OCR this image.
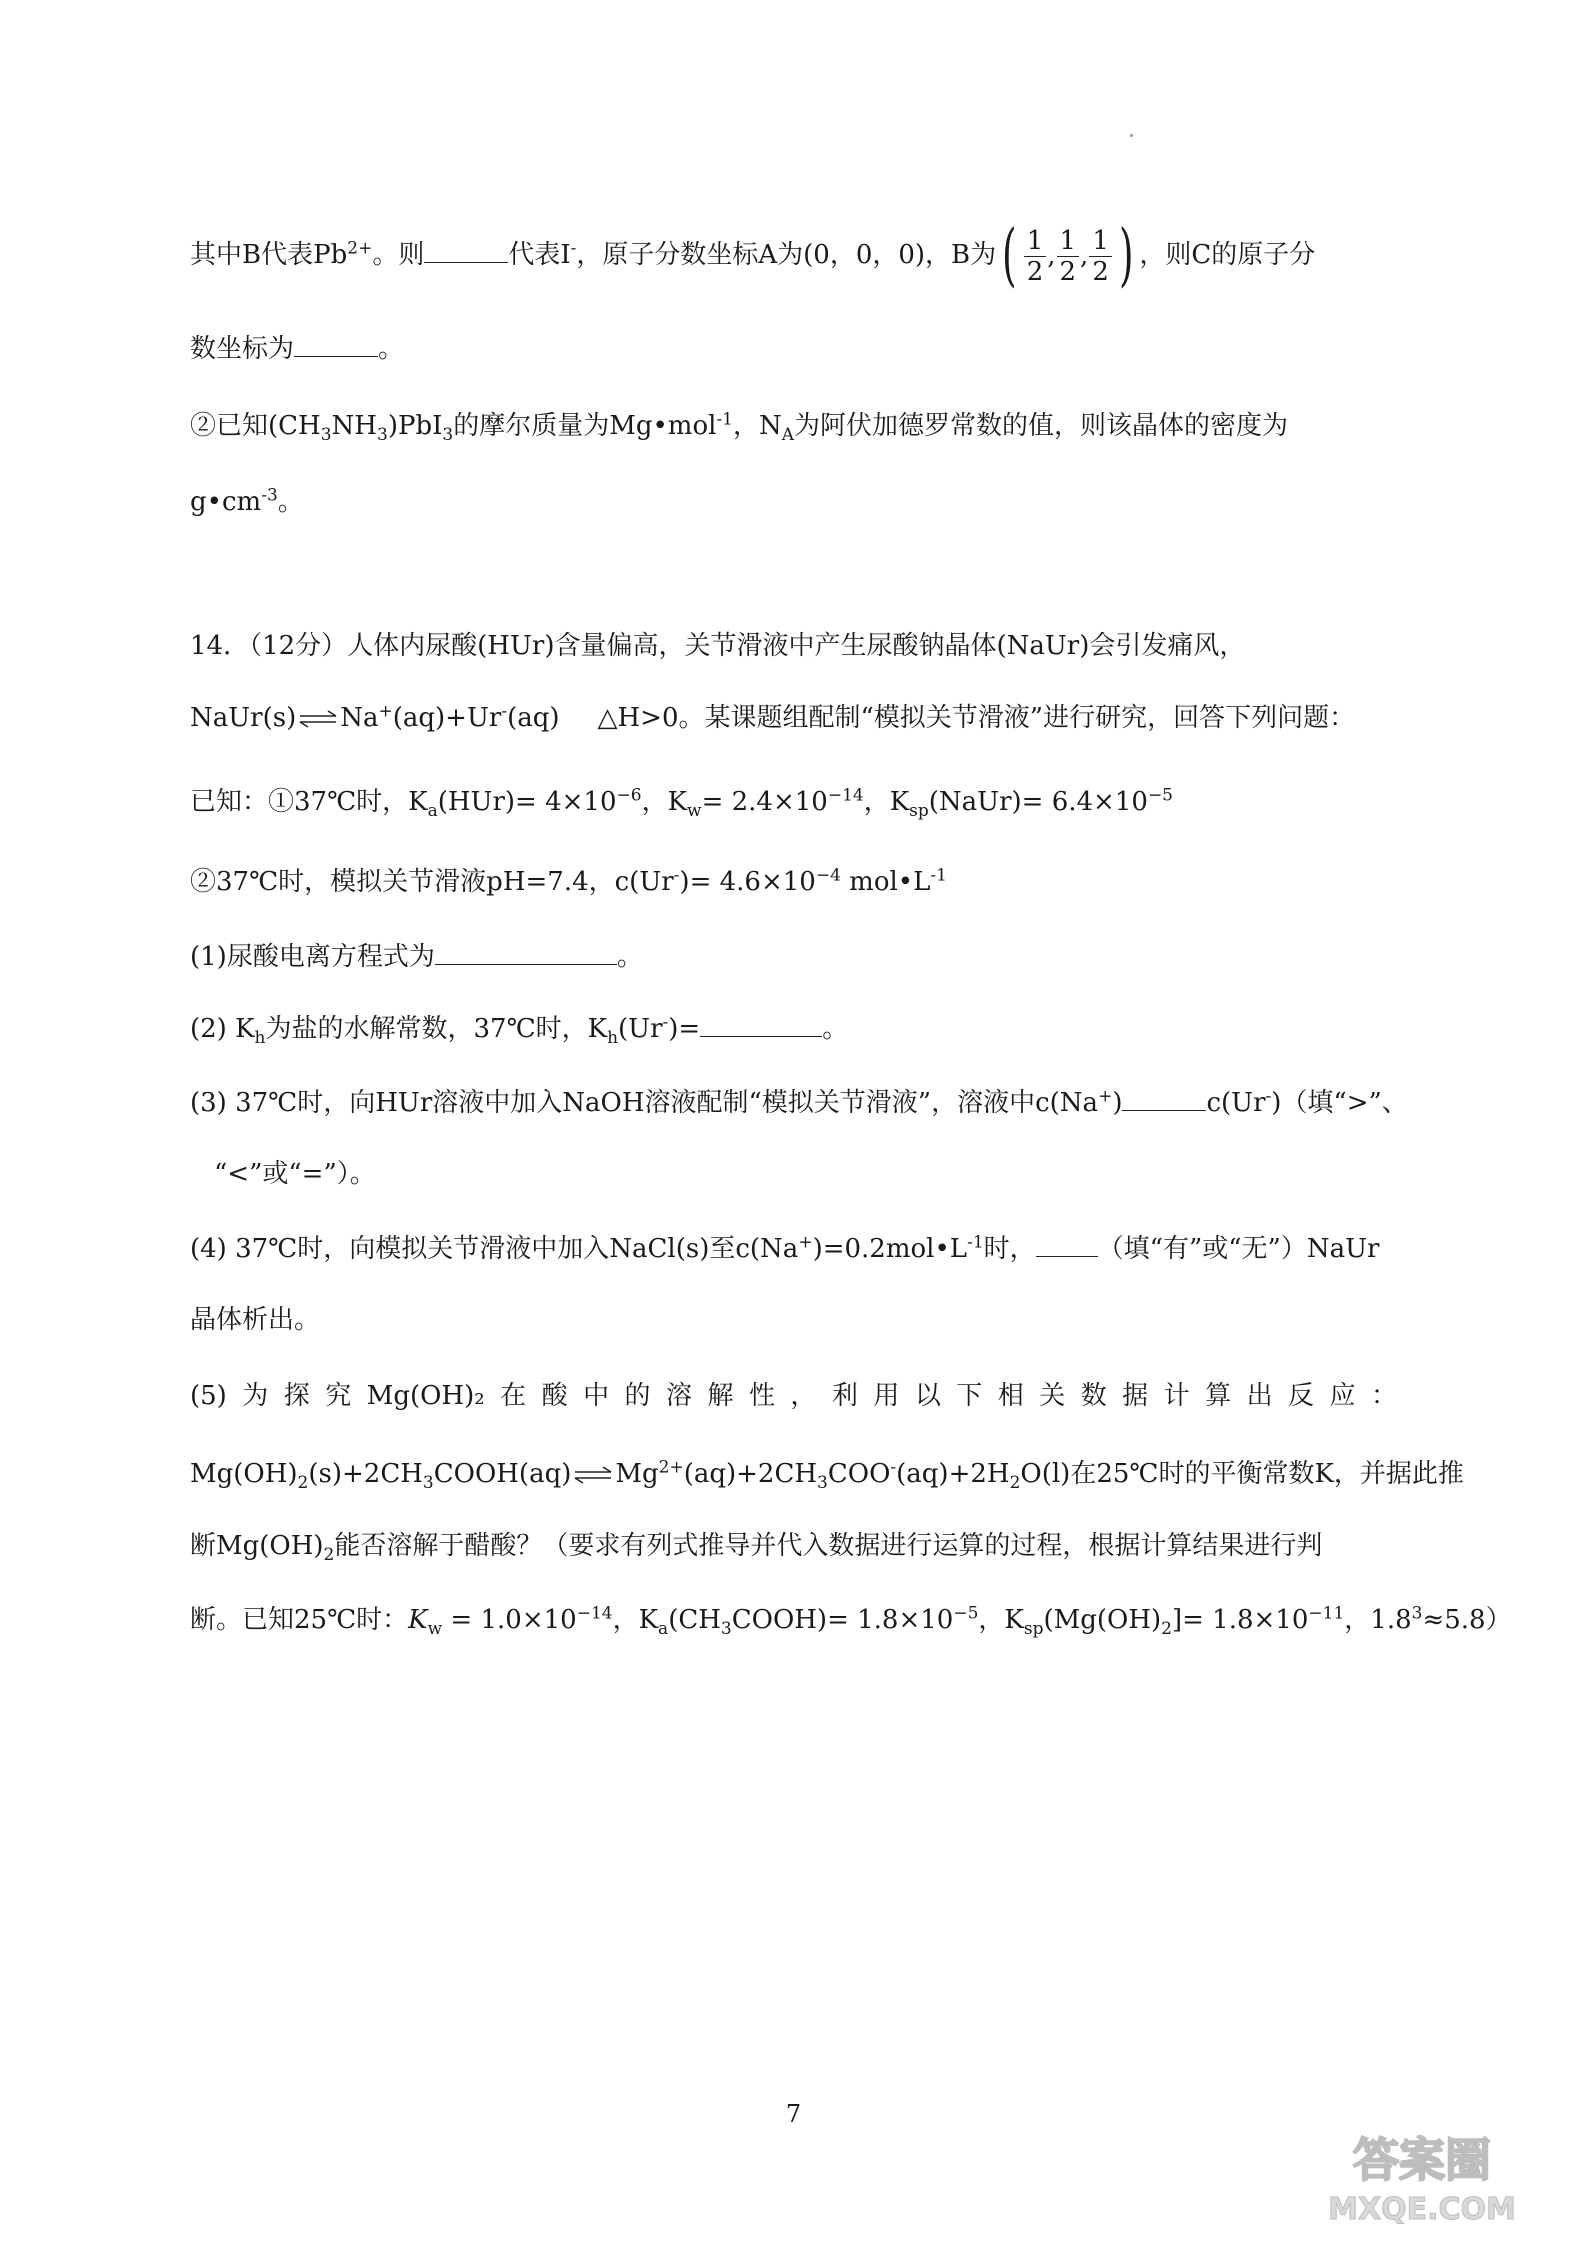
其中B代表$Pb^{2+}$。则	代表I-，原子分数坐标A为(0，0，0)，B为 ( $\frac{1}{2}$ , $\frac{1}{2}$ , $\frac{1}{2}$ ) ，则C的原子分
数坐标为	。
②已知$(CH_3NH_3)PbI_3$的摩尔质量为Mg•mol$^{-1}$，$N_A$为阿伏加德罗常数的值，则该晶体的密度为
$g•cm^{-3}$。
14．（12分）人体内尿酸(HUr)含量偏高，关节滑液中产生尿酸钠晶体(NaUr)会引发痛风，
NaUr(s) ⇌ Na+(aq)+Ur-(aq) △H>0。某课题组配制“模拟关节滑液”进行研究，回答下列问题：
已知：①37℃时，$K_a(HUr)= 4\times 10^{-6}$，$K_w= 2.4\times 10^{-14}$，$K_{sp}(NaUr)= 6.4\times 10^{-5}$
②37℃时，模拟关节滑液pH=7.4，$c(Ur^-)= 4.6\times 10^{-4}$ $mol•L^{-1}$
(1)尿酸电离方程式为	。
(2) $K_h$为盐的水解常数，37℃时，$K_h(Ur^-)=$	。
(3) 37℃时，向HUr溶液中加入NaOH溶液配制“模拟关节滑液”，溶液中c(Na+)	c(Ur-)（填“>”、
“<”或“=”）。
(4) 37℃时，向模拟关节滑液中加入NaCl(s)至$c(Na^+)=0.2mol•L^{-1}$时， （填“有”或“无”）NaUr
晶体析出。
(5) 为 探 究 Mg(OH)₂ 在 酸 中 的 溶 解 性 ， 利 用 以 下 相 关 数 据 计 算 出 反 应 ：
$Mg(OH)_2(s)+2CH_3COOH(aq)$ ⇌ $Mg^{2+}(aq)+2CH_3COO^-(aq)+2H_2O(l)$在25℃时的平衡常数K，并据此推
断$Mg(OH)_2$能否溶解于醋酸？（要求有列式推导并代入数据进行运算的过程，根据计算结果进行判
断。已知25℃时：$K_w = 1.0\times 10^{-14}$，$K_a(CH_3COOH)= 1.8\times 10^{-5}$，$K_{sp}(Mg(OH)_2]= 1.8\times 10^{-11}$，$1.8^3\approx 5.8$）
7
答案圈
MXQE.COM
